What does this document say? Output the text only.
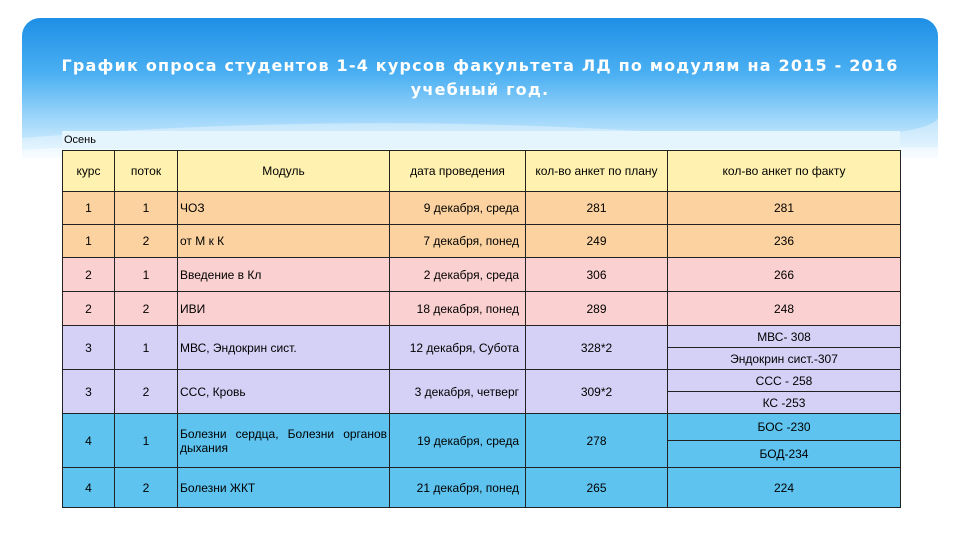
График опроса студентов 1-4 курсов факультета ЛД по модулям на 2015 - 2016 учебный год.
Осень
курс	поток	Модуль	дата проведения	кол-во анкет по плану	кол-во анкет по факту
1	1	ЧОЗ	9 декабря, среда	281	281
1	2	от М к К	7 декабря, понед	249	236
2	1	Введение в Кл	2 декабря, среда	306	266
2	2	ИВИ	18 декабря, понед	289	248
3	1	МВС, Эндокрин сист.	12 декабря, Субота	328*2	МВС- 308
					Эндокрин сист.-307
3	2	ССС, Кровь	3 декабря, четверг	309*2	ССС - 258
					КС -253
4	1	Болезни сердца, Болезни органов дыхания	19 декабря, среда	278	БОС -230
					БОД-234
4	2	Болезни ЖКТ	21 декабря, понед	265	224
